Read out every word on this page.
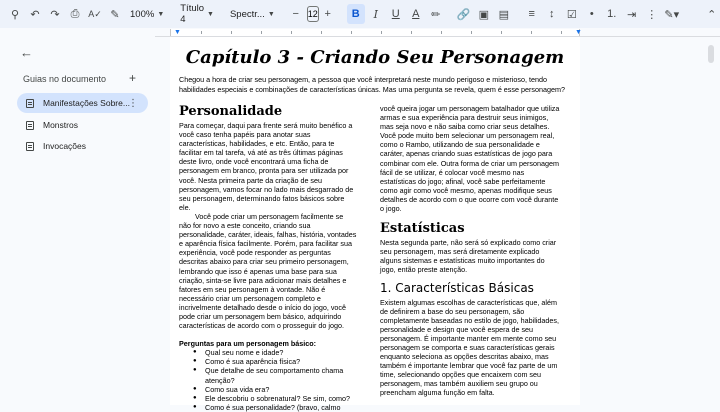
⚲	↶ ↷ ⎙ A✓ ✎	100% ▼ Título 4	▼ Spectr... ▼	− 12 +	B	I	U	A	✏	🔗 ▣ ▤	≡	↕	☑	•	1. ⇥ ⋮ ✎▾	⌃
▼	▼
←
Guias no documento +
Manifestações Sobre...
⋮
Monstros
Invocações
Capítulo 3 - Criando Seu Personagem
Chegou a hora de criar seu personagem, a pessoa que você interpretará neste mundo perigoso e misterioso, tendo habilidades especiais e combinações de características únicas. Mas uma pergunta se revela, quem é esse personagem?
Personalidade
Para começar, daqui para frente será muito benéfico a você caso tenha papéis para anotar suas características, habilidades, e etc. Então, para te facilitar em tal tarefa, vá até as três últimas páginas deste livro, onde você encontrará uma ficha de personagem em branco, pronta para ser utilizada por você. Nesta primeira parte da criação de seu personagem, vamos focar no lado mais desgarrado de seu personagem, determinando fatos básicos sobre ele.
Você pode criar um personagem facilmente se não for novo a este conceito, criando sua personalidade, caráter, ideais, falhas, história, vontades e aparência física facilmente. Porém, para facilitar sua experiência, você pode responder as perguntas descritas abaixo para criar seu primeiro personagem, lembrando que isso é apenas uma base para sua criação, sinta-se livre para adicionar mais detalhes e fatores em seu personagem à vontade. Não é necessário criar um personagem completo e incrivelmente detalhado desde o início do jogo, você pode criar um personagem bem básico, adquirindo características de acordo com o prosseguir do jogo.
Perguntas para um personagem básico:
● Qual seu nome e idade?
● Como é sua aparência física?
● Que detalhe de seu comportamento chama atenção?
● Como sua vida era?
● Ele descobriu o sobrenatural? Se sim, como?
● Como é sua personalidade? (bravo, calmo
você queira jogar um personagem batalhador que utiliza armas e sua experiência para destruir seus inimigos, mas seja novo e não saiba como criar seus detalhes. Você pode muito bem selecionar um personagem real, como o Rambo, utilizando de sua personalidade e caráter, apenas criando suas estatísticas de jogo para combinar com ele. Outra forma de criar um personagem fácil de se utilizar, é colocar você mesmo nas estatísticas do jogo; afinal, você sabe perfeitamente como agir como você mesmo, apenas modifique seus detalhes de acordo com o que ocorre com você durante o jogo.
Estatísticas
Nesta segunda parte, não será só explicado como criar seu personagem, mas será diretamente explicado alguns sistemas e estatísticas muito importantes do jogo, então preste atenção.
1. Características Básicas
Existem algumas escolhas de características que, além de definirem a base do seu personagem, são completamente baseadas no estilo de jogo, habilidades, personalidade e design que você espera de seu personagem. É importante manter em mente como seu personagem se comporta e suas características gerais enquanto seleciona as opções descritas abaixo, mas também é importante lembrar que você faz parte de um time, selecionando opções que encaixem com seu personagem, mas também auxiliem seu grupo ou preencham alguma função em falta.
